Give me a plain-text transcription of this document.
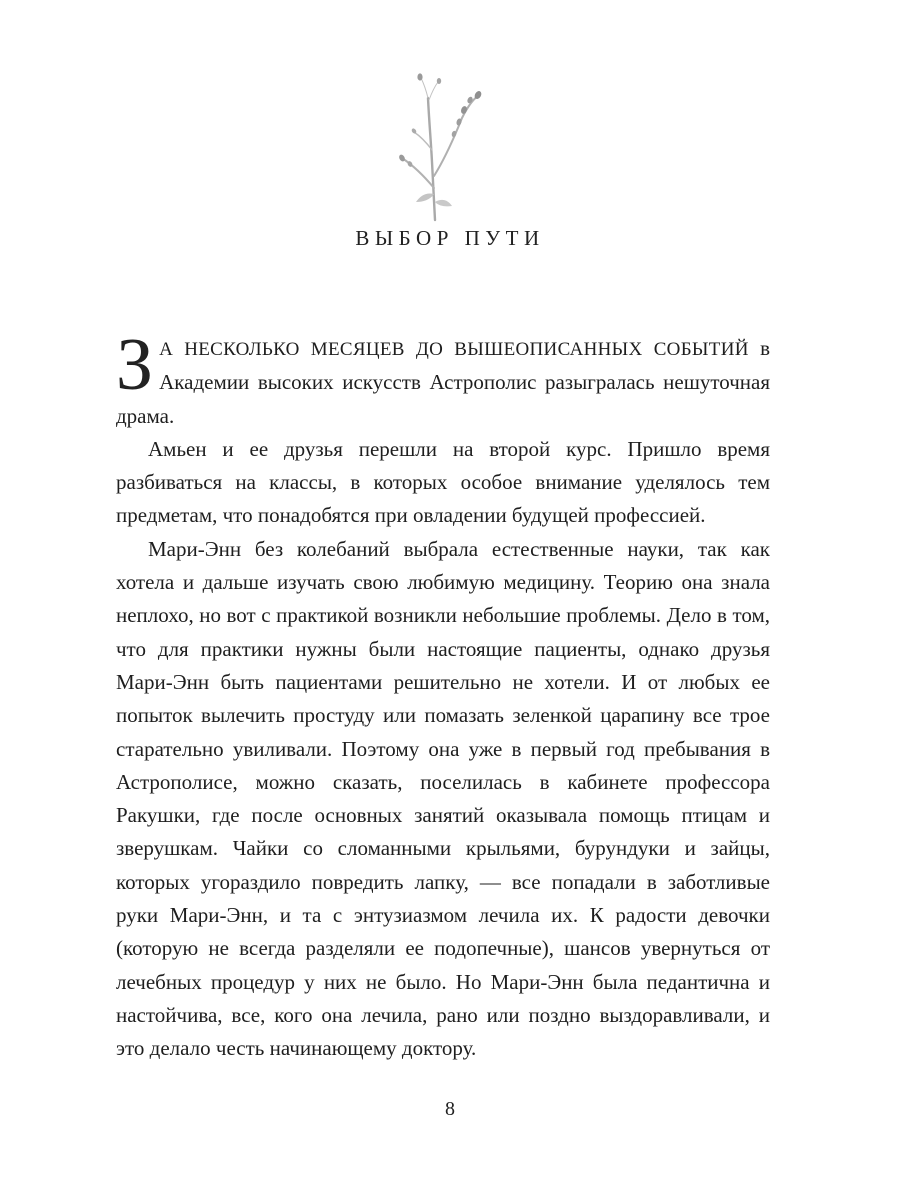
ВЫБОР ПУТИ

ЗА НЕСКОЛЬКО МЕСЯЦЕВ ДО ВЫШЕОПИСАННЫХ СОБЫТИЙ в Академии высоких искусств Астрополис разыгралась нешуточная драма.

Амьен и ее друзья перешли на второй курс. Пришло время разбиваться на классы, в которых особое внимание уделялось тем предметам, что понадобятся при овладении будущей профессией.

Мари-Энн без колебаний выбрала естественные науки, так как хотела и дальше изучать свою любимую медицину. Теорию она знала неплохо, но вот с практикой возникли небольшие проблемы. Дело в том, что для практики нужны были настоящие пациенты, однако друзья Мари-Энн быть пациентами решительно не хотели. И от любых ее попыток вылечить простуду или помазать зеленкой царапину все трое старательно увиливали. Поэтому она уже в первый год пребывания в Астрополисе, можно сказать, поселилась в кабинете профессора Ракушки, где после основных занятий оказывала помощь птицам и зверушкам. Чайки со сломанными крыльями, бурундуки и зайцы, которых угораздило повредить лапку, — все попадали в заботливые руки Мари-Энн, и та с энтузиазмом лечила их. К радости девочки (которую не всегда разделяли ее подопечные), шансов увернуться от лечебных процедур у них не было. Но Мари-Энн была педантична и настойчива, все, кого она лечила, рано или поздно выздоравливали, и это делало честь начинающему доктору.

8
